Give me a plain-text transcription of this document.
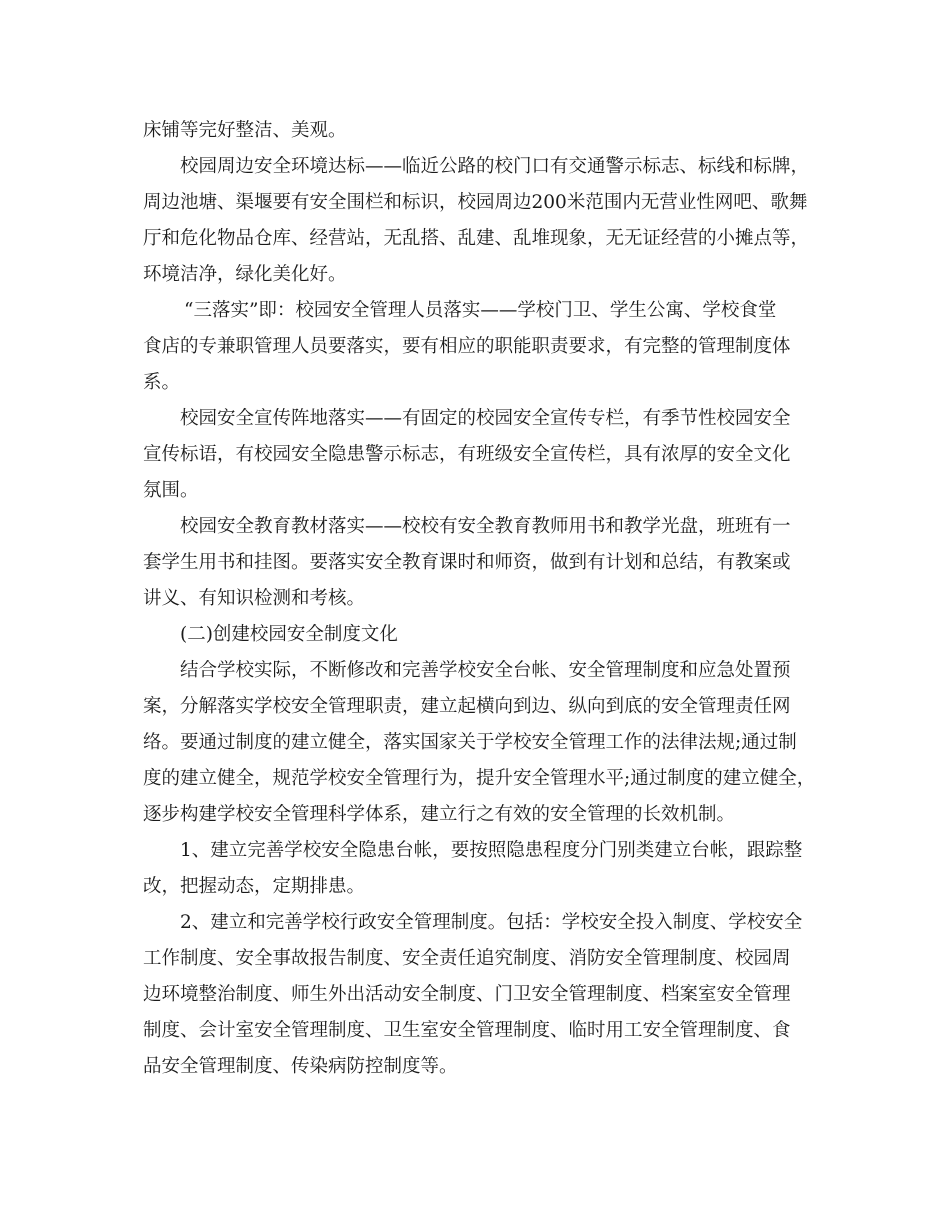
床铺等完好整洁、美观。
校园周边安全环境达标——临近公路的校门口有交通警示标志、标线和标牌，
周边池塘、渠堰要有安全围栏和标识，校园周边200米范围内无营业性网吧、歌舞
厅和危化物品仓库、经营站，无乱搭、乱建、乱堆现象，无无证经营的小摊点等，
环境洁净，绿化美化好。
“三落实”即：校园安全管理人员落实——学校门卫、学生公寓、学校食堂
食店的专兼职管理人员要落实，要有相应的职能职责要求，有完整的管理制度体
系。
校园安全宣传阵地落实——有固定的校园安全宣传专栏，有季节性校园安全
宣传标语，有校园安全隐患警示标志，有班级安全宣传栏，具有浓厚的安全文化
氛围。
校园安全教育教材落实——校校有安全教育教师用书和教学光盘，班班有一
套学生用书和挂图。要落实安全教育课时和师资，做到有计划和总结，有教案或
讲义、有知识检测和考核。
(二)创建校园安全制度文化
结合学校实际，不断修改和完善学校安全台帐、安全管理制度和应急处置预
案，分解落实学校安全管理职责，建立起横向到边、纵向到底的安全管理责任网
络。要通过制度的建立健全，落实国家关于学校安全管理工作的法律法规;通过制
度的建立健全，规范学校安全管理行为，提升安全管理水平;通过制度的建立健全，
逐步构建学校安全管理科学体系，建立行之有效的安全管理的长效机制。
1、建立完善学校安全隐患台帐，要按照隐患程度分门别类建立台帐，跟踪整
改，把握动态，定期排患。
2、建立和完善学校行政安全管理制度。包括：学校安全投入制度、学校安全
工作制度、安全事故报告制度、安全责任追究制度、消防安全管理制度、校园周
边环境整治制度、师生外出活动安全制度、门卫安全管理制度、档案室安全管理
制度、会计室安全管理制度、卫生室安全管理制度、临时用工安全管理制度、食
品安全管理制度、传染病防控制度等。
